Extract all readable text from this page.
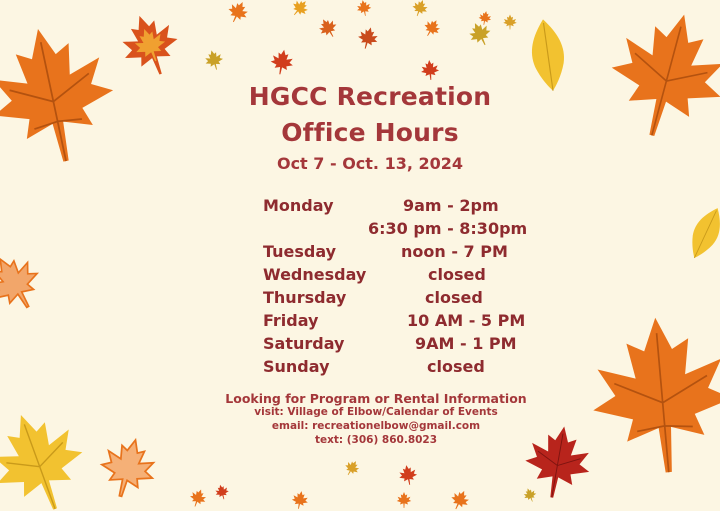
HGCC Recreation
Office Hours
Oct 7 - Oct. 13, 2024
Monday	9am - 2pm
6:30 pm - 8:30pm
Tuesday	noon - 7 PM
Wednesday	closed
Thursday	closed
Friday	10 AM - 5 PM
Saturday	9AM - 1 PM
Sunday	closed
Looking for Program or Rental Information
visit: Village of Elbow/Calendar of Events
email: recreationelbow@gmail.com
text: (306) 860.8023
